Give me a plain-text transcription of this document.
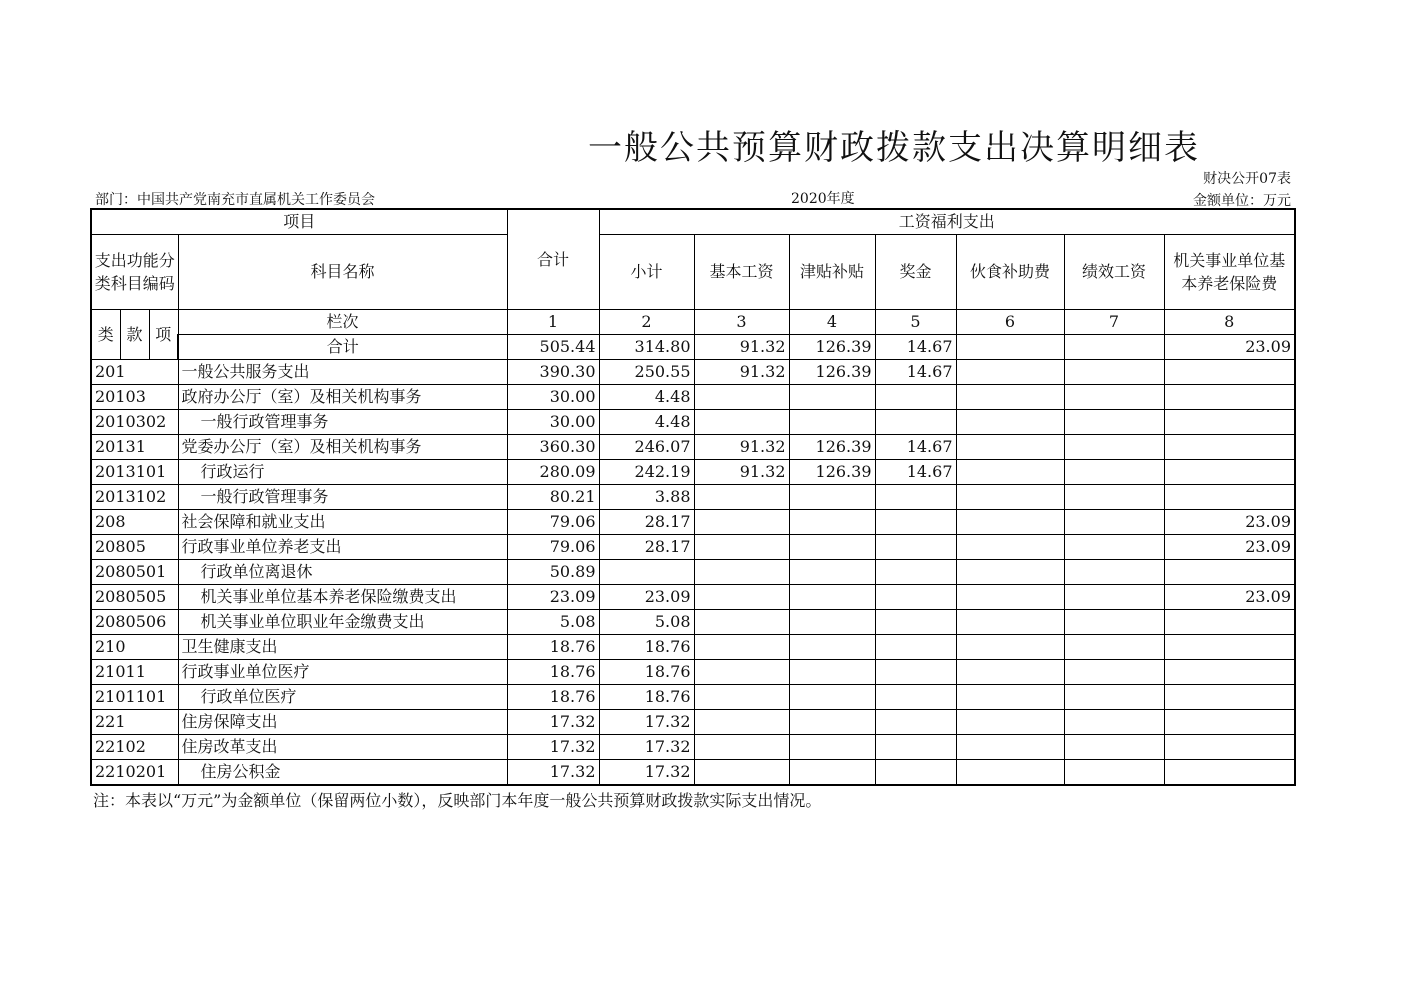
一般公共预算财政拨款支出决算明细表
财决公开07表
部门：中国共产党南充市直属机关工作委员会	2020年度	金额单位：万元
项目				合计	工资福利支出						
支出功能分类科目编码			科目名称		小计	基本工资	津贴补贴	奖金	伙食补助费	绩效工资	机关事业单位基本养老保险费
类	款	项	栏次	1	2	3	4	5	6	7	8
			合计	505.44	314.80	91.32	126.39	14.67			23.09
201			一般公共服务支出	390.30	250.55	91.32	126.39	14.67			
20103			政府办公厅（室）及相关机构事务	30.00	4.48						
2010302			一般行政管理事务	30.00	4.48						
20131			党委办公厅（室）及相关机构事务	360.30	246.07	91.32	126.39	14.67			
2013101			行政运行	280.09	242.19	91.32	126.39	14.67			
2013102			一般行政管理事务	80.21	3.88						
208			社会保障和就业支出	79.06	28.17						23.09
20805			行政事业单位养老支出	79.06	28.17						23.09
2080501			行政单位离退休	50.89							
2080505			机关事业单位基本养老保险缴费支出	23.09	23.09						23.09
2080506			机关事业单位职业年金缴费支出	5.08	5.08						
210			卫生健康支出	18.76	18.76						
21011			行政事业单位医疗	18.76	18.76						
2101101			行政单位医疗	18.76	18.76						
221			住房保障支出	17.32	17.32						
22102			住房改革支出	17.32	17.32						
2210201			住房公积金	17.32	17.32						
注：本表以“万元”为金额单位（保留两位小数），反映部门本年度一般公共预算财政拨款实际支出情况。
